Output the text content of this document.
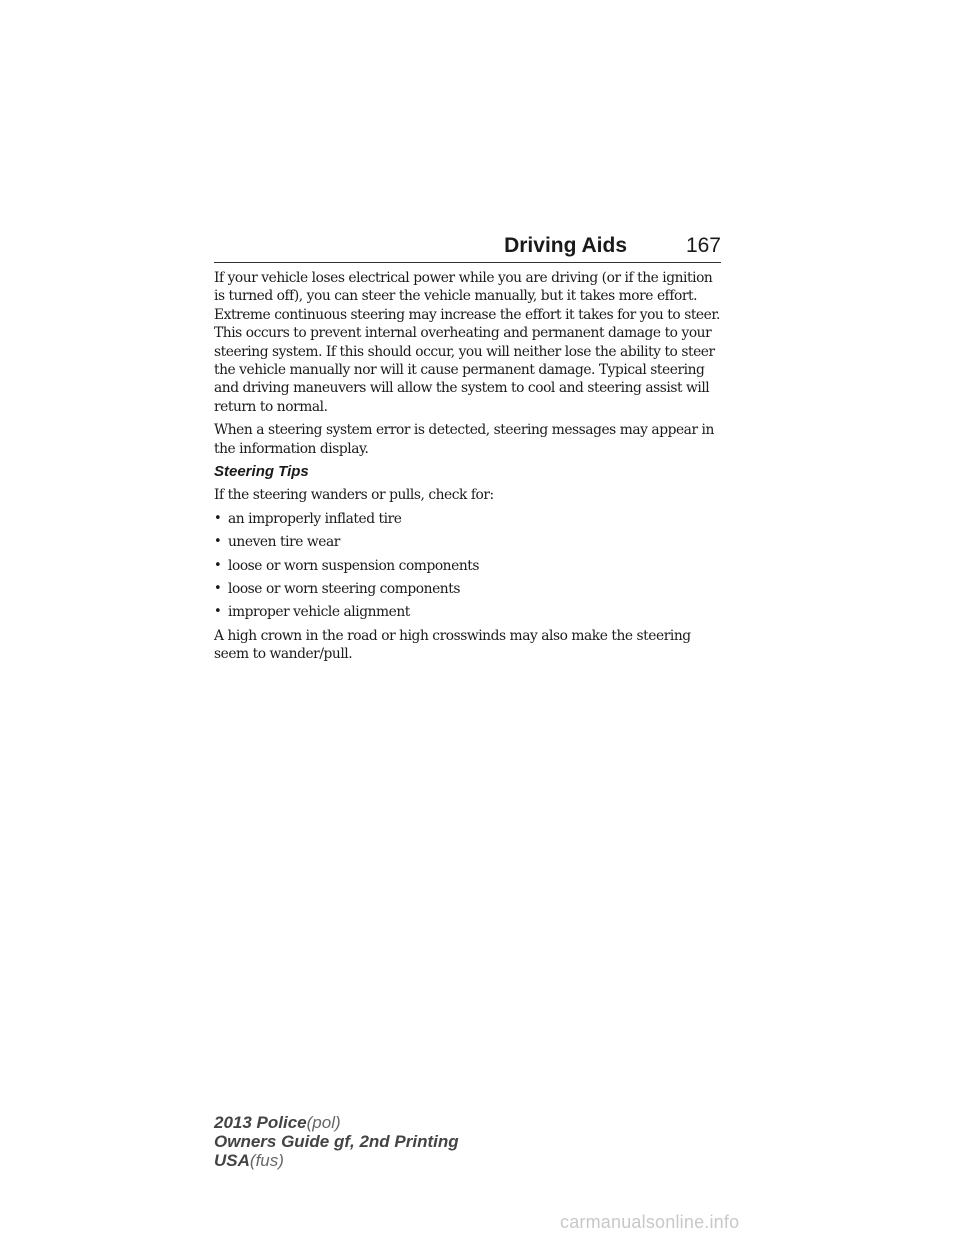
Driving Aids	167

If your vehicle loses electrical power while you are driving (or if the ignition is turned off), you can steer the vehicle manually, but it takes more effort. Extreme continuous steering may increase the effort it takes for you to steer. This occurs to prevent internal overheating and permanent damage to your steering system. If this should occur, you will neither lose the ability to steer the vehicle manually nor will it cause permanent damage. Typical steering and driving maneuvers will allow the system to cool and steering assist will return to normal.

When a steering system error is detected, steering messages may appear in the information display.

Steering Tips

If the steering wanders or pulls, check for:

• an improperly inflated tire
• uneven tire wear
• loose or worn suspension components
• loose or worn steering components
• improper vehicle alignment

A high crown in the road or high crosswinds may also make the steering seem to wander/pull.

2013 Police(pol)
Owners Guide gf, 2nd Printing
USA(fus)
carmanualsonline.info
